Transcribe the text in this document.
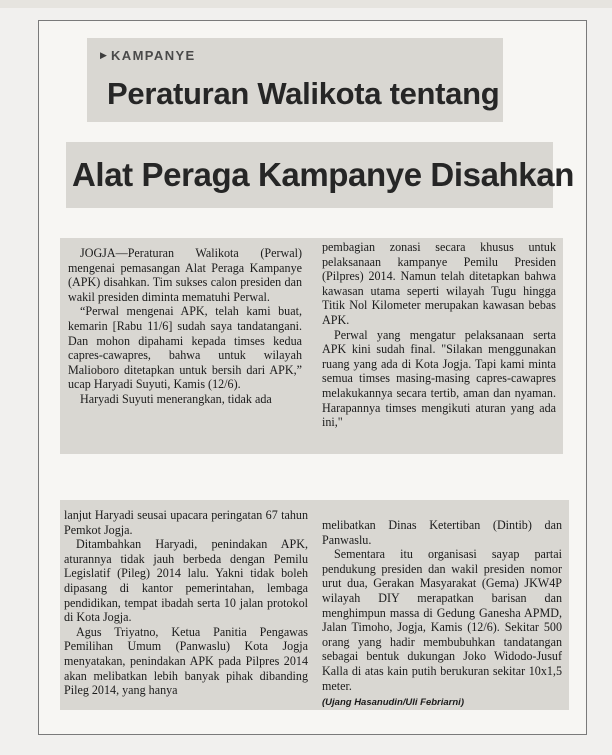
▶ KAMPANYE
Peraturan Walikota tentang
Alat Peraga Kampanye Disahkan

JOGJA—Peraturan Walikota (Perwal) mengenai pemasangan Alat Peraga Kampanye (APK) disahkan. Tim sukses calon presiden dan wakil presiden diminta mematuhi Perwal.

“Perwal mengenai APK, telah kami buat, kemarin [Rabu 11/6] sudah saya tandatangani. Dan mohon dipahami kepada timses kedua capres-cawapres, bahwa untuk wilayah Malioboro ditetapkan untuk bersih dari APK,” ucap Haryadi Suyuti, Kamis (12/6).

Haryadi Suyuti menerangkan, tidak ada

pembagian zonasi secara khusus untuk pelaksanaan kampanye Pemilu Presiden (Pilpres) 2014. Namun telah ditetapkan bahwa kawasan utama seperti wilayah Tugu hingga Titik Nol Kilometer merupakan kawasan bebas APK.

Perwal yang mengatur pelaksanaan serta APK kini sudah final. "Silakan menggunakan ruang yang ada di Kota Jogja. Tapi kami minta semua timses masing-masing capres-cawapres melakukannya secara tertib, aman dan nyaman. Harapannya timses mengikuti aturan yang ada ini,"

lanjut Haryadi seusai upacara peringatan 67 tahun Pemkot Jogja.

Ditambahkan Haryadi, penindakan APK, aturannya tidak jauh berbeda dengan Pemilu Legislatif (Pileg) 2014 lalu. Yakni tidak boleh dipasang di kantor pemerintahan, lembaga pendidikan, tempat ibadah serta 10 jalan protokol di Kota Jogja.

Agus Triyatno, Ketua Panitia Pengawas Pemilihan Umum (Panwaslu) Kota Jogja menyatakan, penindakan APK pada Pilpres 2014 akan melibatkan lebih banyak pihak dibanding Pileg 2014, yang hanya

melibatkan Dinas Ketertiban (Dintib) dan Panwaslu.

Sementara itu organisasi sayap partai pendukung presiden dan wakil presiden nomor urut dua, Gerakan Masyarakat (Gema) JKW4P wilayah DIY merapatkan barisan dan menghimpun massa di Gedung Ganesha APMD, Jalan Timoho, Jogja, Kamis (12/6). Sekitar 500 orang yang hadir membubuhkan tandatangan sebagai bentuk dukungan Joko Widodo-Jusuf Kalla di atas kain putih berukuran sekitar 10x1,5 meter.

(Ujang Hasanudin/Uli Febriarni)
